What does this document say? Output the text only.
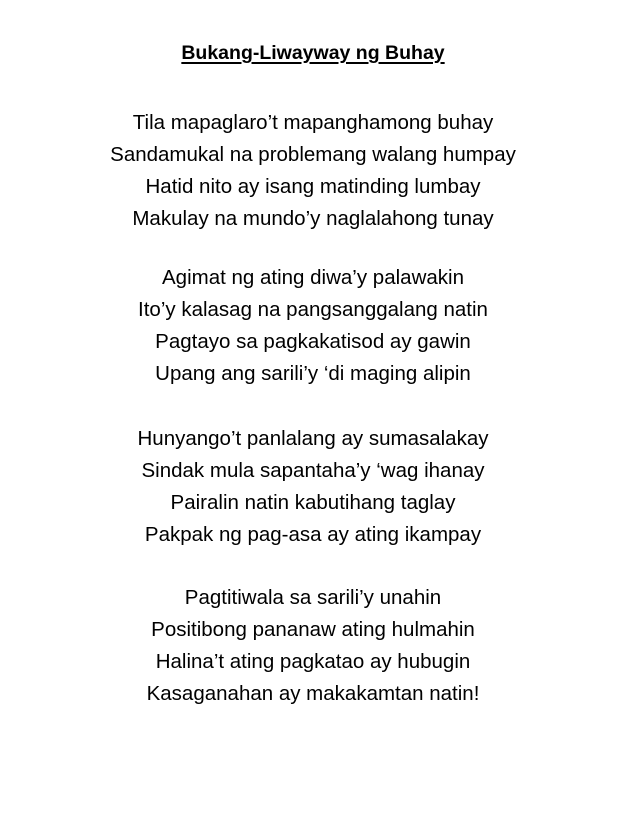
Bukang-Liwayway ng Buhay
Tila mapaglaro’t mapanghamong buhay
Sandamukal na problemang walang humpay
Hatid nito ay isang matinding lumbay
Makulay na mundo’y naglalahong tunay
Agimat ng ating diwa’y palawakin
Ito’y kalasag na pangsanggalang natin
Pagtayo sa pagkakatisod ay gawin
Upang ang sarili’y ‘di maging alipin
Hunyango’t panlalang ay sumasalakay
Sindak mula sapantaha’y ‘wag ihanay
Pairalin natin kabutihang taglay
Pakpak ng pag-asa ay ating ikampay
Pagtitiwala sa sarili’y unahin
Positibong pananaw ating hulmahin
Halina’t ating pagkatao ay hubugin
Kasaganahan ay makakamtan natin!
